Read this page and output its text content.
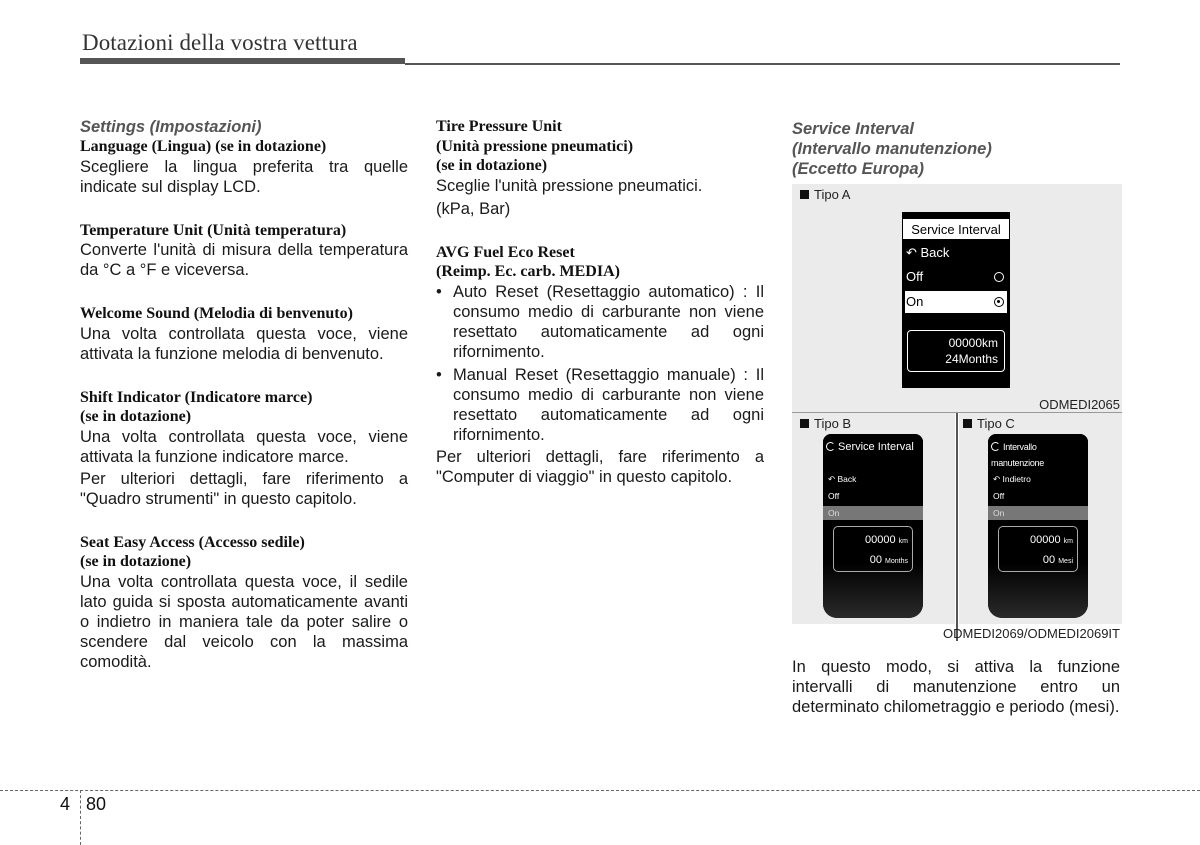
Dotazioni della vostra vettura
Settings (Impostazioni)
Language (Lingua) (se in dotazione)
Scegliere la lingua preferita tra quelle indicate sul display LCD.
Temperature Unit (Unità temperatura)
Converte l'unità di misura della temperatura da °C a °F e viceversa.
Welcome Sound (Melodia di benvenuto)
Una volta controllata questa voce, viene attivata la funzione melodia di benvenuto.
Shift Indicator (Indicatore marce)
(se in dotazione)
Una volta controllata questa voce, viene attivata la funzione indicatore marce.
Per ulteriori dettagli, fare riferimento a "Quadro strumenti" in questo capitolo.
Seat Easy Access (Accesso sedile)
(se in dotazione)
Una volta controllata questa voce, il sedile lato guida si sposta automaticamente avanti o indietro in maniera tale da poter salire o scendere dal veicolo con la massima comodità.
Tire Pressure Unit
(Unità pressione pneumatici)
(se in dotazione)
Sceglie l'unità pressione pneumatici.
(kPa, Bar)
AVG Fuel Eco Reset
(Reimp. Ec. carb. MEDIA)
• Auto Reset (Resettaggio automatico) : Il consumo medio di carburante non viene resettato automaticamente ad ogni rifornimento.
• Manual Reset (Resettaggio manuale) : Il consumo medio di carburante non viene resettato automaticamente ad ogni rifornimento.
Per ulteriori dettagli, fare riferimento a "Computer di viaggio" in questo capitolo.
Service Interval
(Intervallo manutenzione)
(Eccetto Europa)
Tipo A
Service Interval
↶ Back
Off
On
00000km
24Months
ODMEDI2065
Tipo B	Tipo C
Service Interval
↶ Back
Off
On
00000 km
00 Months
Intervallo manutenzione
↶ Indietro
Off
On
00000 km
00 Mesi
ODMEDI2069/ODMEDI2069IT
In questo modo, si attiva la funzione intervalli di manutenzione entro un determinato chilometraggio e periodo (mesi).
4 80
